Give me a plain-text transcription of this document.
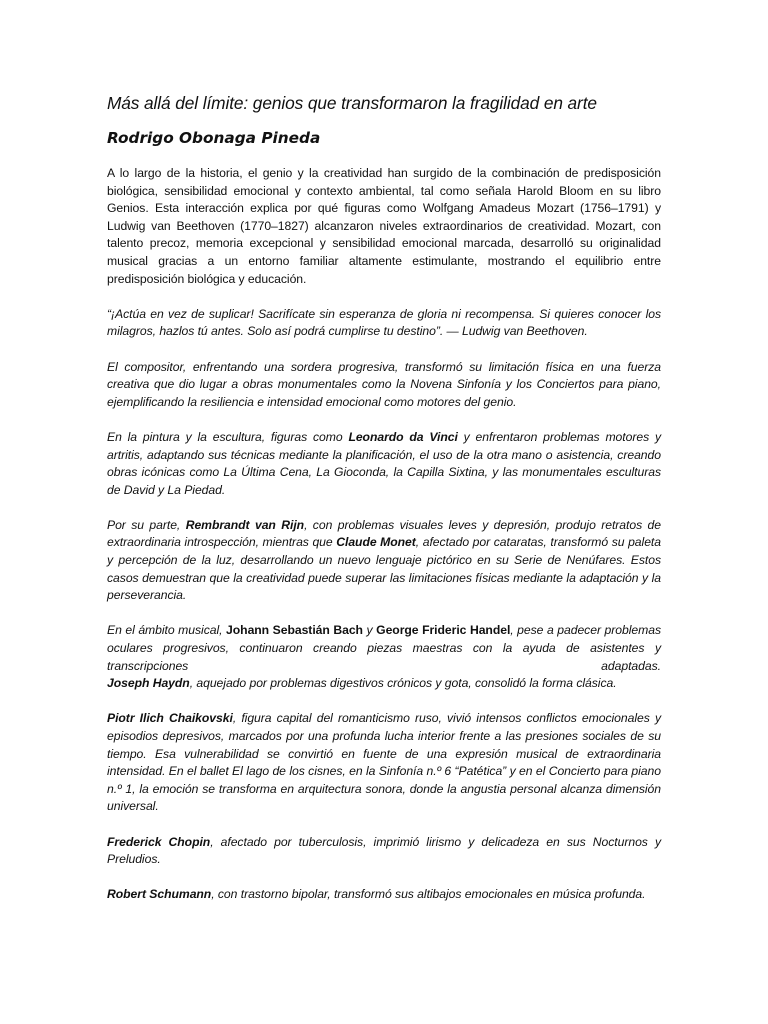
Más allá del límite: genios que transformaron la fragilidad en arte
Rodrigo Obonaga Pineda

A lo largo de la historia, el genio y la creatividad han surgido de la combinación de predisposición biológica, sensibilidad emocional y contexto ambiental, tal como señala Harold Bloom en su libro Genios. Esta interacción explica por qué figuras como Wolfgang Amadeus Mozart (1756–1791) y Ludwig van Beethoven (1770–1827) alcanzaron niveles extraordinarios de creatividad. Mozart, con talento precoz, memoria excepcional y sensibilidad emocional marcada, desarrolló su originalidad musical gracias a un entorno familiar altamente estimulante, mostrando el equilibrio entre predisposición biológica y educación.

“¡Actúa en vez de suplicar! Sacrifícate sin esperanza de gloria ni recompensa. Si quieres conocer los milagros, hazlos tú antes. Solo así podrá cumplirse tu destino”. — Ludwig van Beethoven.

El compositor, enfrentando una sordera progresiva, transformó su limitación física en una fuerza creativa que dio lugar a obras monumentales como la Novena Sinfonía y los Conciertos para piano, ejemplificando la resiliencia e intensidad emocional como motores del genio.

En la pintura y la escultura, figuras como Leonardo da Vinci y enfrentaron problemas motores y artritis, adaptando sus técnicas mediante la planificación, el uso de la otra mano o asistencia, creando obras icónicas como La Última Cena, La Gioconda, la Capilla Sixtina, y las monumentales esculturas de David y La Piedad.

Por su parte, Rembrandt van Rijn, con problemas visuales leves y depresión, produjo retratos de extraordinaria introspección, mientras que Claude Monet, afectado por cataratas, transformó su paleta y percepción de la luz, desarrollando un nuevo lenguaje pictórico en su Serie de Nenúfares. Estos casos demuestran que la creatividad puede superar las limitaciones físicas mediante la adaptación y la perseverancia.

En el ámbito musical, Johann Sebastián Bach y George Frideric Handel, pese a padecer problemas oculares progresivos, continuaron creando piezas maestras con la ayuda de asistentes y transcripciones adaptadas.
Joseph Haydn, aquejado por problemas digestivos crónicos y gota, consolidó la forma clásica.

Piotr Ilich Chaikovski, figura capital del romanticismo ruso, vivió intensos conflictos emocionales y episodios depresivos, marcados por una profunda lucha interior frente a las presiones sociales de su tiempo. Esa vulnerabilidad se convirtió en fuente de una expresión musical de extraordinaria intensidad. En el ballet El lago de los cisnes, en la Sinfonía n.º 6 “Patética” y en el Concierto para piano n.º 1, la emoción se transforma en arquitectura sonora, donde la angustia personal alcanza dimensión universal.

Frederick Chopin, afectado por tuberculosis, imprimió lirismo y delicadeza en sus Nocturnos y Preludios.

Robert Schumann, con trastorno bipolar, transformó sus altibajos emocionales en música profunda.
